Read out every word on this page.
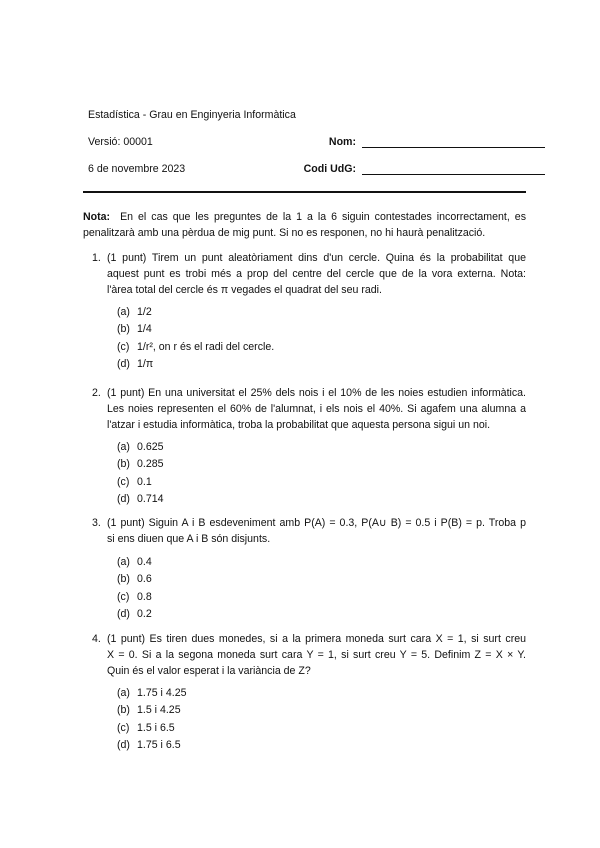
Estadística - Grau en Enginyeria Informàtica
Versió: 00001
6 de novembre 2023
Nom:
Codi UdG:
Nota: En el cas que les preguntes de la 1 a la 6 siguin contestades incorrectament, es
penalitzarà amb una pèrdua de mig punt. Si no es responen, no hi haurà penalització.
1. (1 punt) Tirem un punt aleatòriament dins d'un cercle. Quina és la probabilitat que
aquest punt es trobi més a prop del centre del cercle que de la vora externa. Nota:
l'àrea total del cercle és π vegades el quadrat del seu radi.
(a) 1/2
(b) 1/4
(c) 1/r², on r és el radi del cercle.
(d) 1/π
2. (1 punt) En una universitat el 25% dels nois i el 10% de les noies estudien informàtica.
Les noies representen el 60% de l'alumnat, i els nois el 40%. Si agafem una alumna a
l'atzar i estudia informàtica, troba la probabilitat que aquesta persona sigui un noi.
(a) 0.625
(b) 0.285
(c) 0.1
(d) 0.714
3. (1 punt) Siguin A i B esdeveniment amb P(A) = 0.3, P(A∪ B) = 0.5 i P(B) = p. Troba p
si ens diuen que A i B són disjunts.
(a) 0.4
(b) 0.6
(c) 0.8
(d) 0.2
4. (1 punt) Es tiren dues monedes, si a la primera moneda surt cara X = 1, si surt creu
X = 0. Si a la segona moneda surt cara Y = 1, si surt creu Y = 5. Definim Z = X × Y.
Quin és el valor esperat i la variància de Z?
(a) 1.75 i 4.25
(b) 1.5 i 4.25
(c) 1.5 i 6.5
(d) 1.75 i 6.5
